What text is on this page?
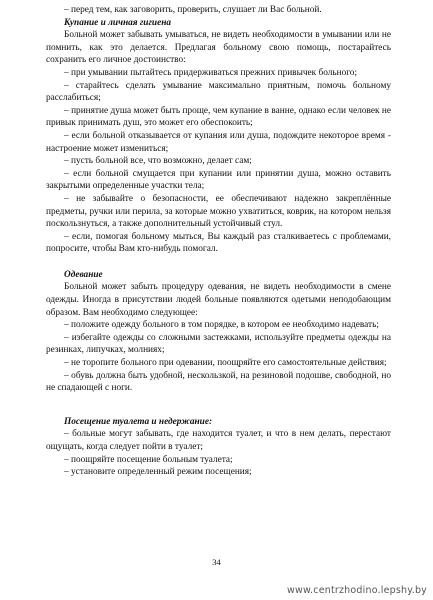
– перед тем, как заговорить, проверить, слушает ли Вас больной.

Купание и личная гигиена

Больной может забывать умываться, не видеть необходимости в умывании или не помнить, как это делается. Предлагая больному свою помощь, постарайтесь сохранить его личное достоинство:

– при умывании пытайтесь придерживаться прежних привычек больного;

– старайтесь сделать умывание максимально приятным, помочь больному расслабиться;

– принятие душа может быть проще, чем купание в ванне, однако если человек не привык принимать душ, это может его обеспокоить;

– если больной отказывается от купания или душа, подождите некоторое время - настроение может измениться;

– пусть больной все, что возможно, делает сам;

– если больной смущается при купании или принятии душа, можно оставить закрытыми определенные участки тела;

– не забывайте о безопасности, ее обеспечивают надежно закреплённые предметы, ручки или перила, за которые можно ухватиться, коврик, на котором нельзя поскользнуться, а также дополнительный устойчивый стул.

– если, помогая больному мыться, Вы каждый раз сталкиваетесь с проблемами, попросите, чтобы Вам кто-нибудь помогал.

Одевание

Больной может забыть процедуру одевания, не видеть необходимости в смене одежды. Иногда в присутствии людей больные появляются одетыми неподобающим образом. Вам необходимо следующее:

– положите одежду больного в том порядке, в котором ее необходимо надевать;

– избегайте одежды со сложными застежками, используйте предметы одежды на резинках, липучках, молниях;

– не торопите больного при одевании, поощряйте его самостоятельные действия;

– обувь должна быть удобной, нескользкой, на резиновой подошве, свободной, но не спадающей с ноги.

Посещение туалета и недержание:

– больные могут забывать, где находится туалет, и что в нем делать, перестают ощущать, когда следует пойти в туалет;

– поощряйте посещение больным туалета;

– установите определенный режим посещения;

34
www.centrzhodino.lepshy.by
